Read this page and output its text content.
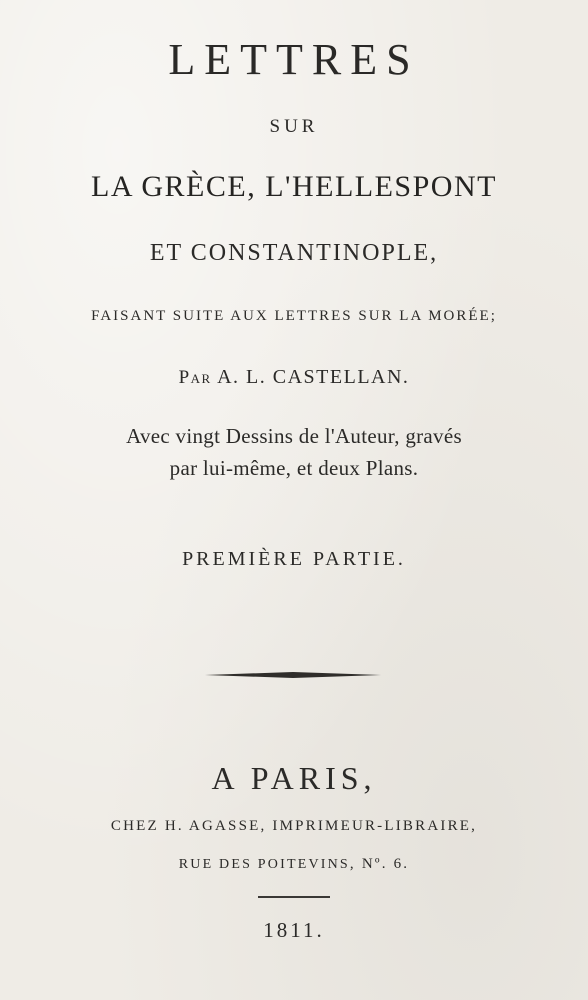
LETTRES
SUR
LA GRÈCE, L'HELLESPONT
ET CONSTANTINOPLE,
FAISANT SUITE AUX LETTRES SUR LA MORÉE;
Par A. L. CASTELLAN.
Avec vingt Dessins de l'Auteur, gravés
par lui-même, et deux Plans.
PREMIÈRE PARTIE.
A PARIS,
CHEZ H. AGASSE, IMPRIMEUR-LIBRAIRE,
RUE DES POITEVINS, Nº. 6.
1811.
